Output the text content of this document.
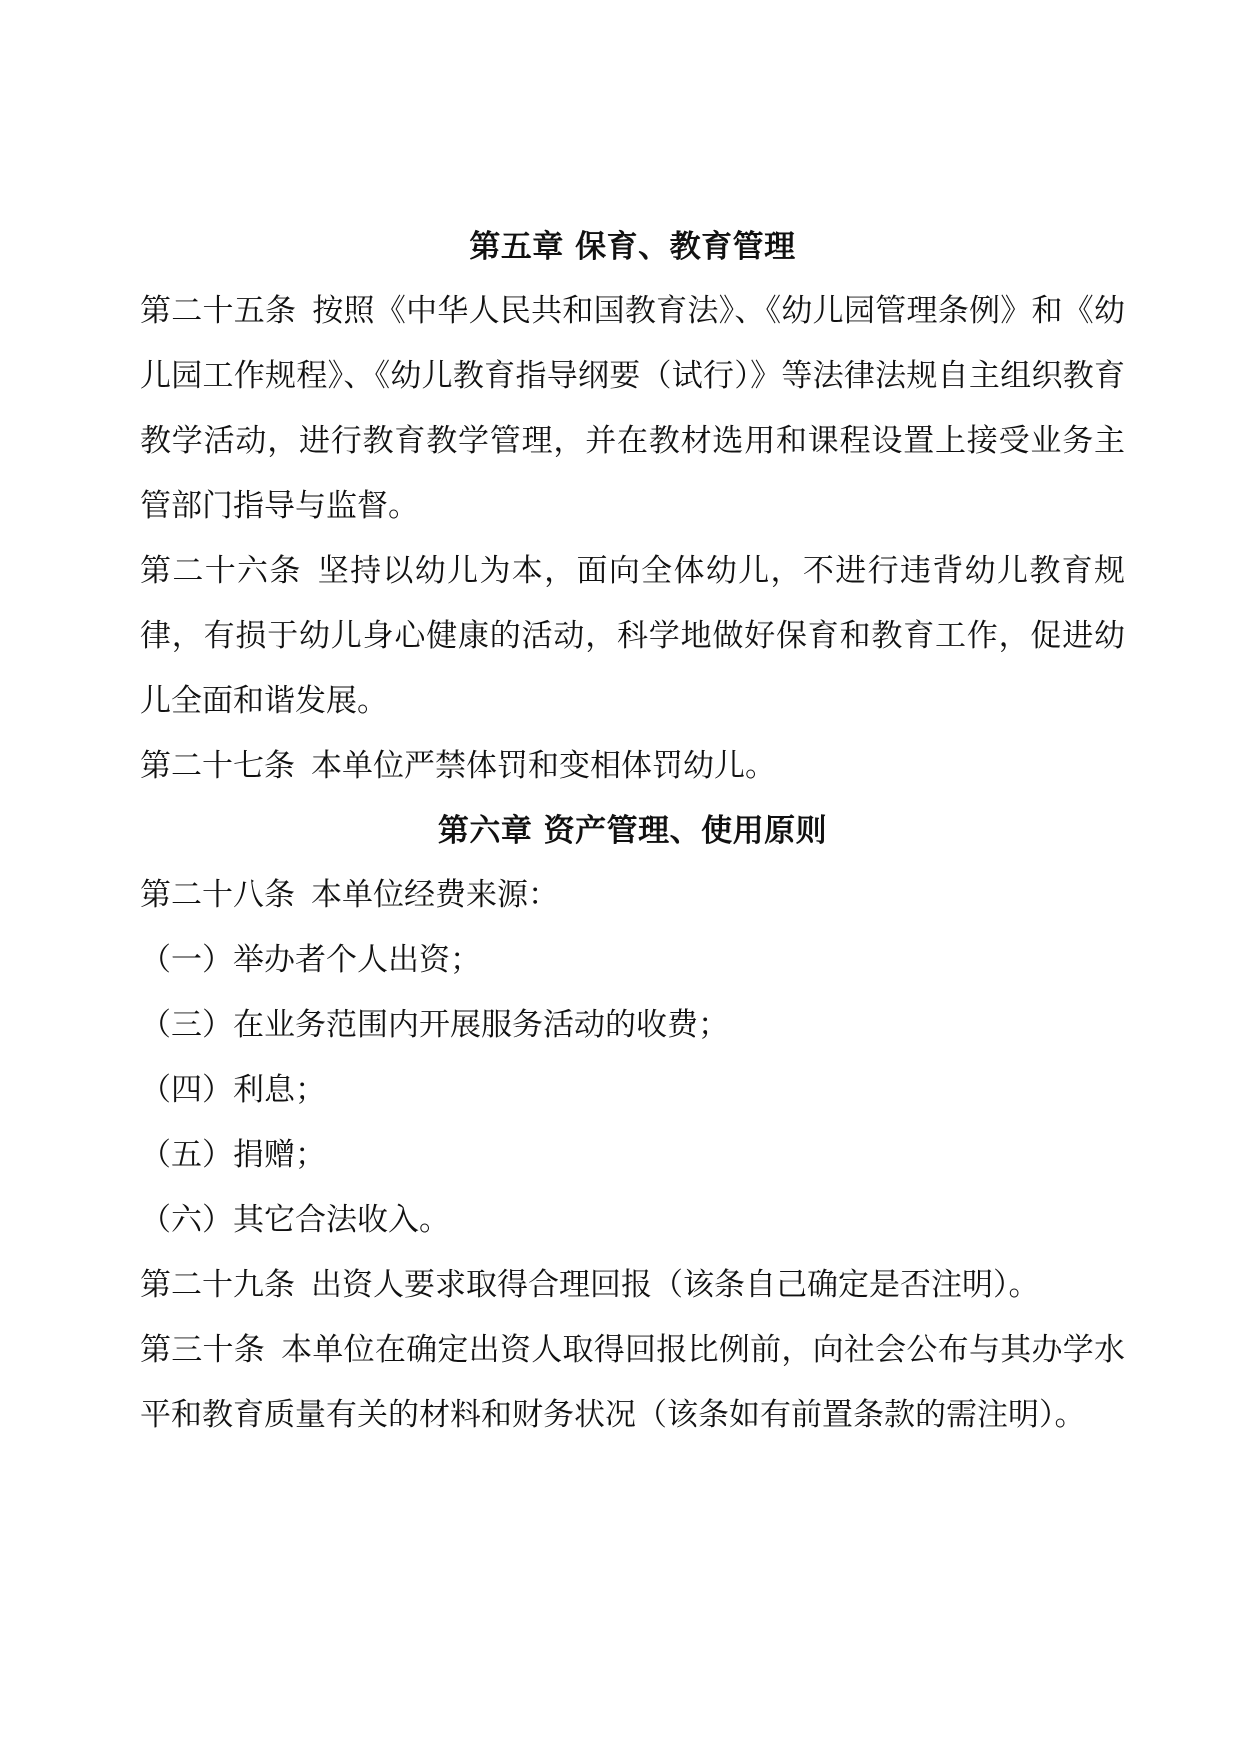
第五章 保育、教育管理

第二十五条 按照《中华人民共和国教育法》、《幼儿园管理条例》和《幼儿园工作规程》、《幼儿教育指导纲要（试行）》等法律法规自主组织教育教学活动，进行教育教学管理，并在教材选用和课程设置上接受业务主管部门指导与监督。

第二十六条 坚持以幼儿为本，面向全体幼儿，不进行违背幼儿教育规律，有损于幼儿身心健康的活动，科学地做好保育和教育工作，促进幼儿全面和谐发展。

第二十七条 本单位严禁体罚和变相体罚幼儿。

第六章 资产管理、使用原则

第二十八条 本单位经费来源：

（一）举办者个人出资；

（三）在业务范围内开展服务活动的收费；

（四）利息；

（五）捐赠；

（六）其它合法收入。

第二十九条 出资人要求取得合理回报（该条自己确定是否注明）。

第三十条 本单位在确定出资人取得回报比例前，向社会公布与其办学水平和教育质量有关的材料和财务状况（该条如有前置条款的需注明）。
